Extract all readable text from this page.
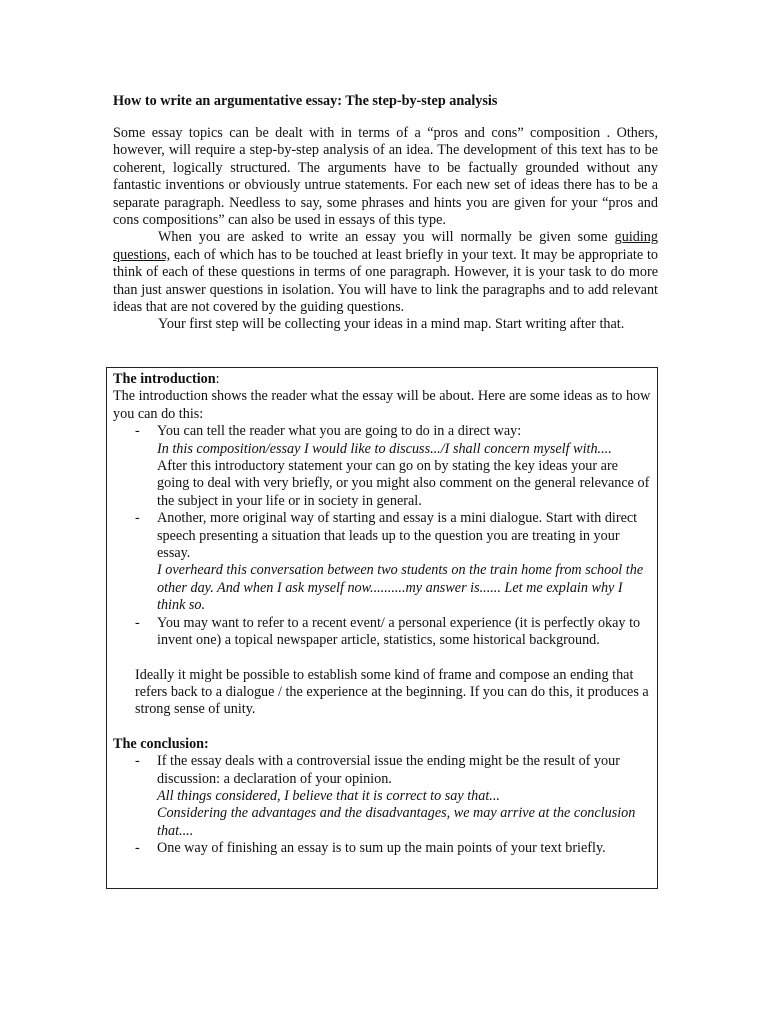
How to write an argumentative essay: The step-by-step analysis

Some essay topics can be dealt with in terms of a “pros and cons” composition . Others, however, will require a step-by-step analysis of an idea. The development of this text has to be coherent, logically structured. The arguments have to be factually grounded without any fantastic inventions or obviously untrue statements. For each new set of ideas there has to be a separate paragraph. Needless to say, some phrases and hints you are given for your “pros and cons compositions” can also be used in essays of this type.

When you are asked to write an essay you will normally be given some guiding questions, each of which has to be touched at least briefly in your text. It may be appropriate to think of each of these questions in terms of one paragraph. However, it is your task to do more than just answer questions in isolation. You will have to link the paragraphs and to add relevant ideas that are not covered by the guiding questions.

Your first step will be collecting your ideas in a mind map. Start writing after that.

The introduction:

The introduction shows the reader what the essay will be about. Here are some ideas as to how you can do this:

- You can tell the reader what you are going to do in a direct way:
In this composition/essay I would like to discuss.../I shall concern myself with....
After this introductory statement your can go on by stating the key ideas your are going to deal with very briefly, or you might also comment on the general relevance of the subject in your life or in society in general.
- Another, more original way of starting and essay is a mini dialogue. Start with direct
speech presenting a situation that leads up to the question you are treating in your essay.
I overheard this conversation between two students on the train home from school the other day. And when I ask myself now..........my answer is...... Let me explain why I think so.
- You may want to refer to a recent event/ a personal experience (it is perfectly okay to invent one) a topical newspaper article, statistics, some historical background.

Ideally it might be possible to establish some kind of frame and compose an ending that refers back to a dialogue / the experience at the beginning. If you can do this, it produces a strong sense of unity.

The conclusion:

- If the essay deals with a controversial issue the ending might be the result of your discussion: a declaration of your opinion.
All things considered, I believe that it is correct to say that...
Considering the advantages and the disadvantages, we may arrive at the conclusion that....
- One way of finishing an essay is to sum up the main points of your text briefly.
